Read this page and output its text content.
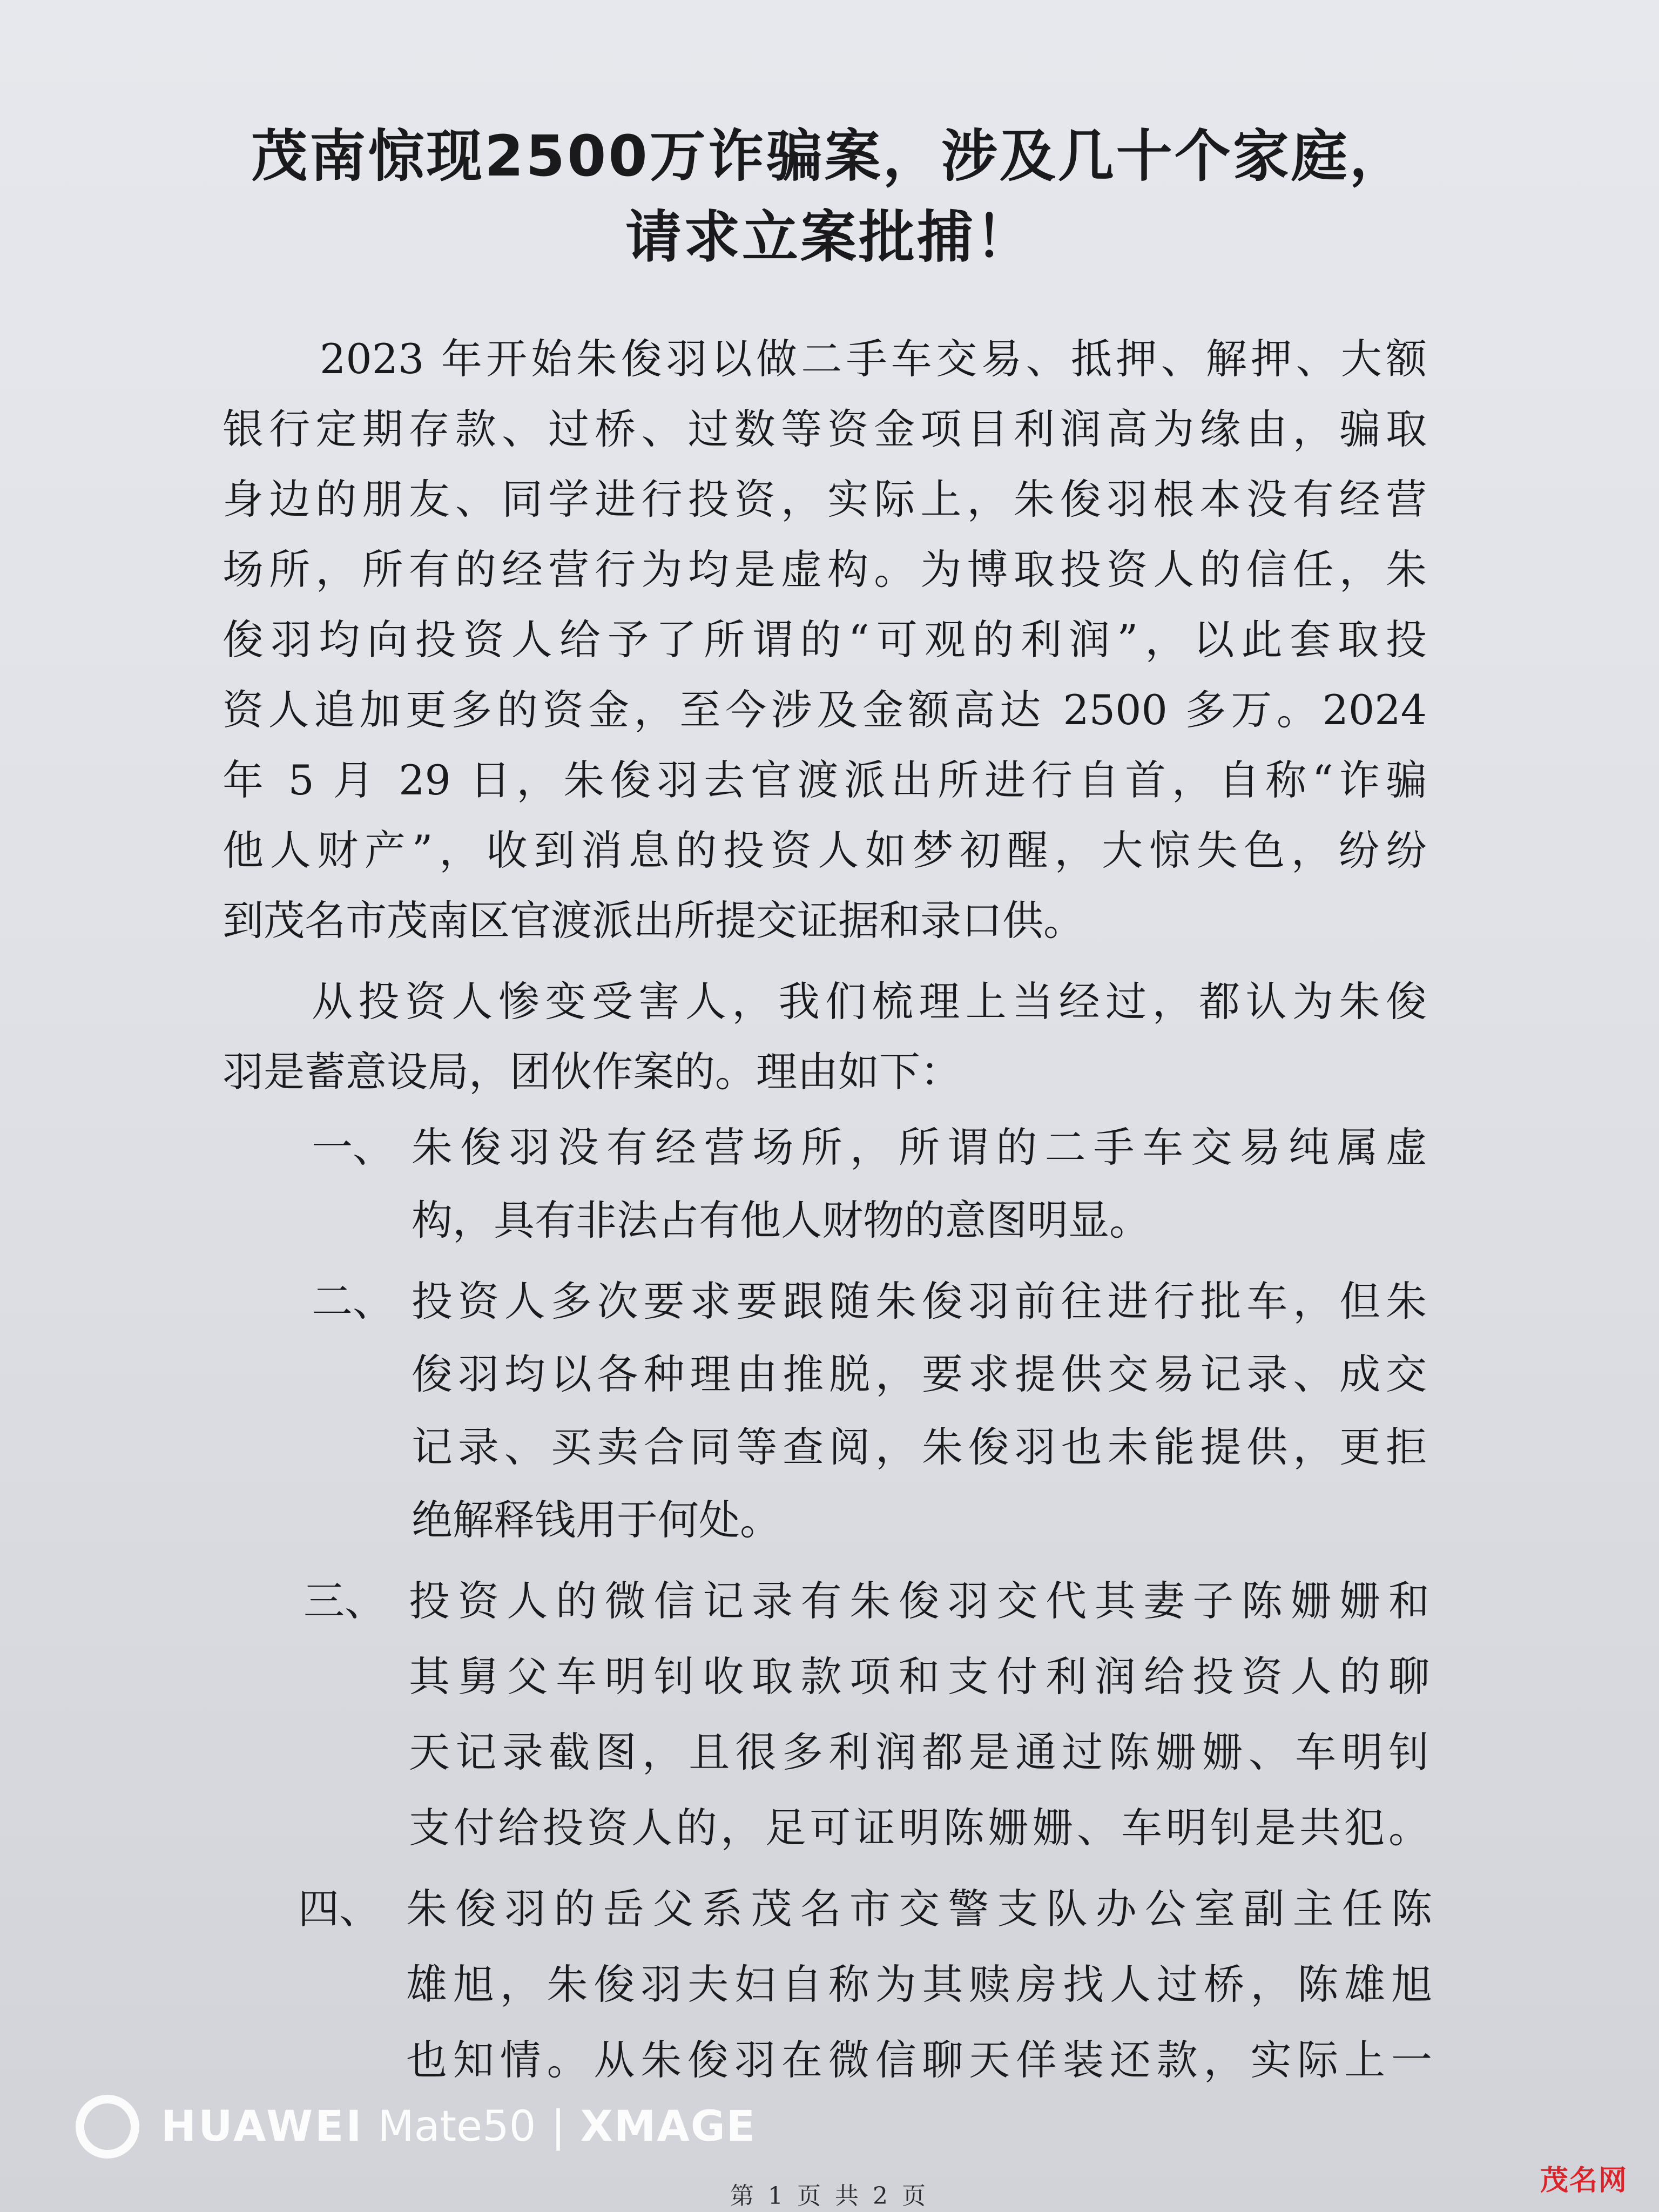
茂南惊现2500万诈骗案，涉及几十个家庭，
请求立案批捕！
2023 年开始朱俊羽以做二手车交易、抵押、解押、大额
银行定期存款、过桥、过数等资金项目利润高为缘由，骗取
身边的朋友、同学进行投资，实际上，朱俊羽根本没有经营
场所，所有的经营行为均是虚构。为博取投资人的信任，朱
俊羽均向投资人给予了所谓的“可观的利润”，以此套取投
资人追加更多的资金，至今涉及金额高达 2500 多万。2024
年 5 月 29 日，朱俊羽去官渡派出所进行自首，自称“诈骗
他人财产”，收到消息的投资人如梦初醒，大惊失色，纷纷
到茂名市茂南区官渡派出所提交证据和录口供。
从投资人惨变受害人，我们梳理上当经过，都认为朱俊
羽是蓄意设局，团伙作案的。理由如下：
一、 朱俊羽没有经营场所，所谓的二手车交易纯属虚
构，具有非法占有他人财物的意图明显。
二、 投资人多次要求要跟随朱俊羽前往进行批车，但朱
俊羽均以各种理由推脱，要求提供交易记录、成交
记录、买卖合同等查阅，朱俊羽也未能提供，更拒
绝解释钱用于何处。
三、 投资人的微信记录有朱俊羽交代其妻子陈姗姗和
其舅父车明钊收取款项和支付利润给投资人的聊
天记录截图，且很多利润都是通过陈姗姗、车明钊
支付给投资人的，足可证明陈姗姗、车明钊是共犯。
四、 朱俊羽的岳父系茂名市交警支队办公室副主任陈
雄旭，朱俊羽夫妇自称为其赎房找人过桥，陈雄旭
也知情。从朱俊羽在微信聊天佯装还款，实际上一
HUAWEI Mate50 | XMAGE
第 1 页 共 2 页	茂名网
